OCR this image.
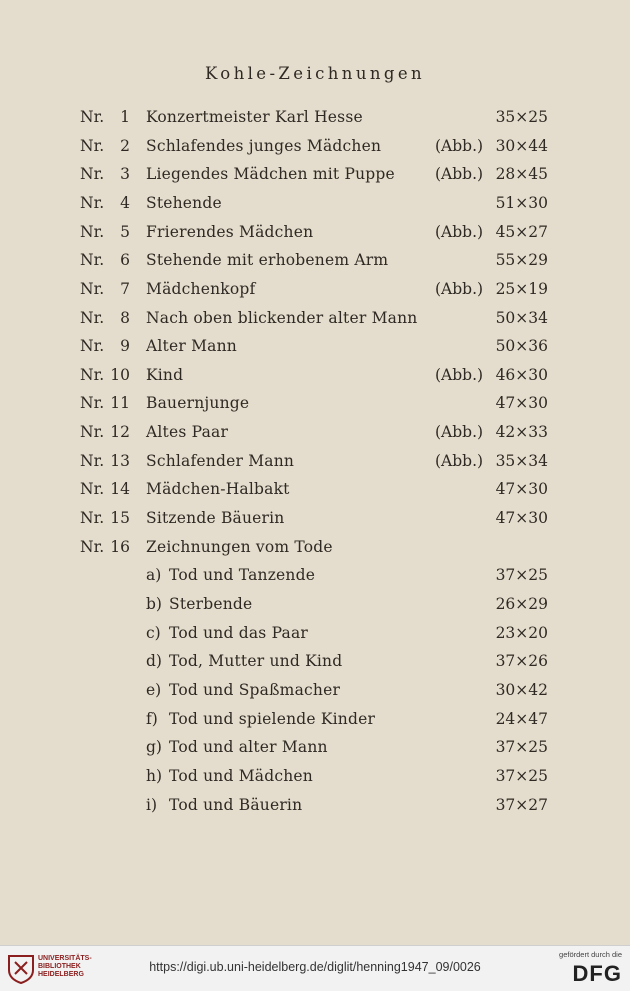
Kohle-Zeichnungen
Nr. 1 Konzertmeister Karl Hesse	35×25
Nr. 2 Schlafendes junges Mädchen	(Abb.) 30×44
Nr. 3 Liegendes Mädchen mit Puppe	(Abb.) 28×45
Nr. 4 Stehende	51×30
Nr. 5 Frierendes Mädchen	(Abb.) 45×27
Nr. 6 Stehende mit erhobenem Arm	55×29
Nr. 7 Mädchenkopf	(Abb.) 25×19
Nr. 8 Nach oben blickender alter Mann	50×34
Nr. 9 Alter Mann	50×36
Nr. 10 Kind	(Abb.) 46×30
Nr. 11 Bauernjunge	47×30
Nr. 12 Altes Paar	(Abb.) 42×33
Nr. 13 Schlafender Mann	(Abb.) 35×34
Nr. 14 Mädchen-Halbakt	47×30
Nr. 15 Sitzende Bäuerin	47×30
Nr. 16 Zeichnungen vom Tode
a) Tod und Tanzende	37×25
b) Sterbende	26×29
c) Tod und das Paar	23×20
d) Tod, Mutter und Kind	37×26
e) Tod und Spaßmacher	30×42
f) Tod und spielende Kinder	24×47
g) Tod und alter Mann	37×25
h) Tod und Mädchen	37×25
i) Tod und Bäuerin	37×27
UNIVERSITÄTS-
BIBLIOTHEK
HEIDELBERG
https://digi.ub.uni-heidelberg.de/diglit/henning1947_09/0026
gefördert durch die
DFG
